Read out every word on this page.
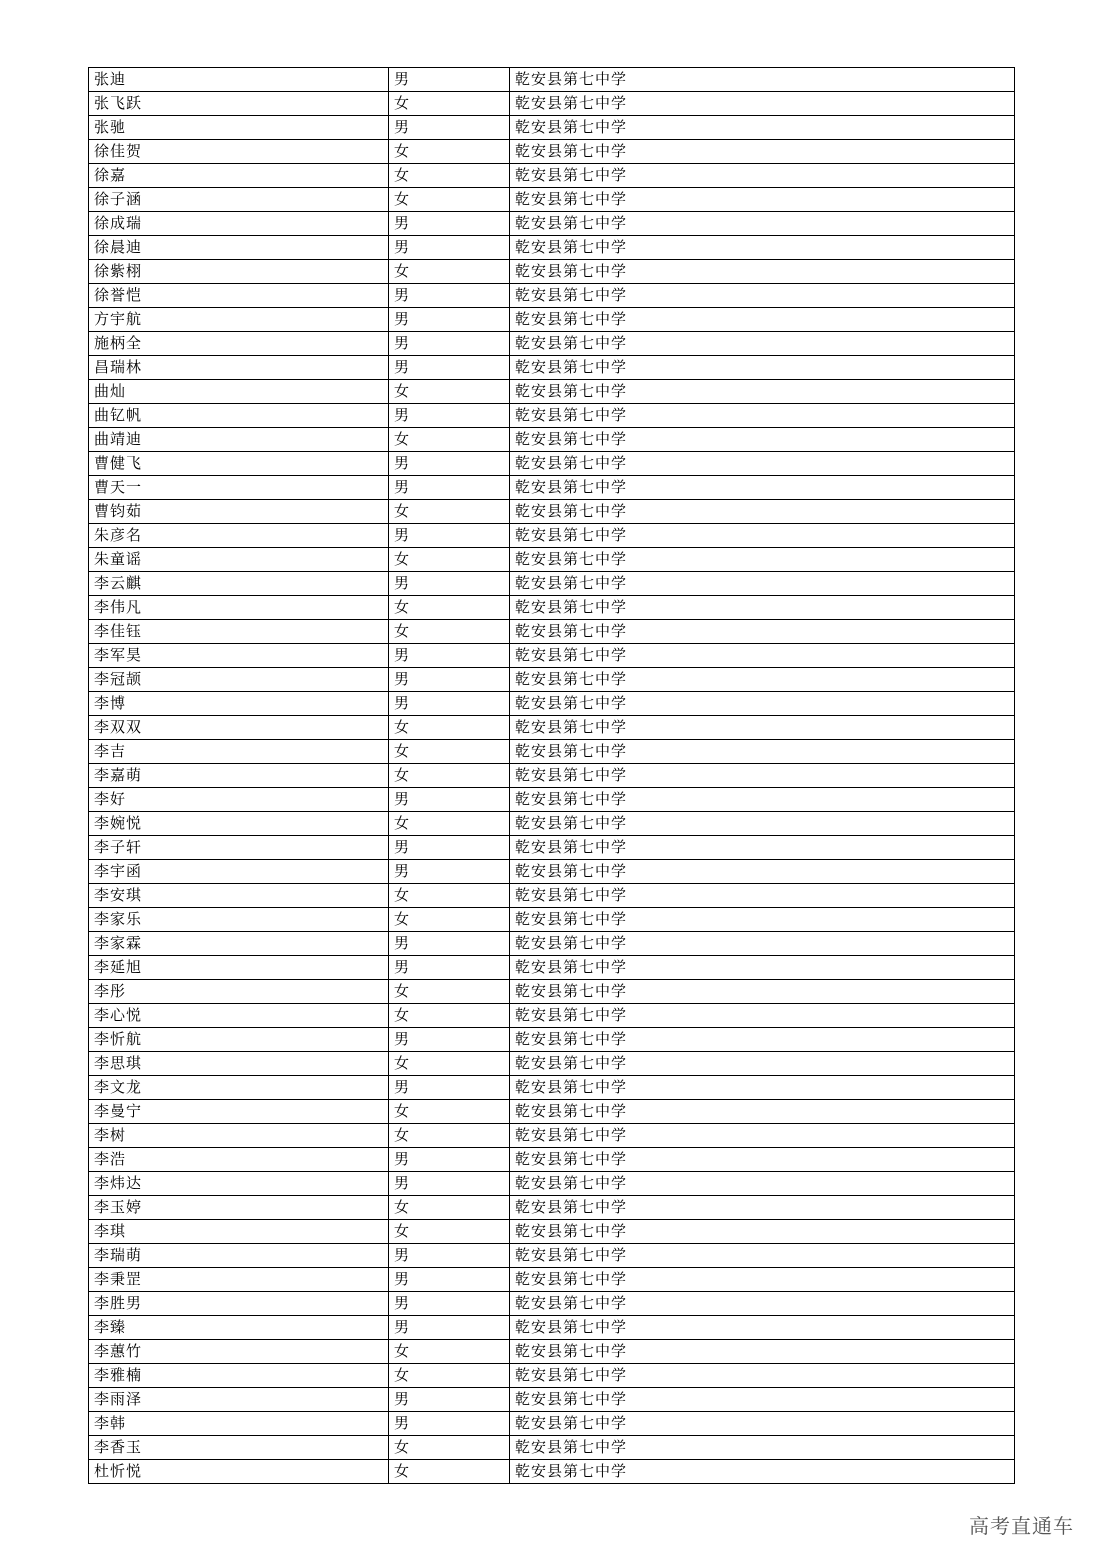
张迪	男	乾安县第七中学
张飞跃	女	乾安县第七中学
张驰	男	乾安县第七中学
徐佳贺	女	乾安县第七中学
徐嘉	女	乾安县第七中学
徐子涵	女	乾安县第七中学
徐成瑞	男	乾安县第七中学
徐晨迪	男	乾安县第七中学
徐紫栩	女	乾安县第七中学
徐誉恺	男	乾安县第七中学
方宇航	男	乾安县第七中学
施柄全	男	乾安县第七中学
昌瑞林	男	乾安县第七中学
曲灿	女	乾安县第七中学
曲钇帆	男	乾安县第七中学
曲靖迪	女	乾安县第七中学
曹健飞	男	乾安县第七中学
曹天一	男	乾安县第七中学
曹钧茹	女	乾安县第七中学
朱彦名	男	乾安县第七中学
朱童谣	女	乾安县第七中学
李云麒	男	乾安县第七中学
李伟凡	女	乾安县第七中学
李佳钰	女	乾安县第七中学
李军昊	男	乾安县第七中学
李冠颉	男	乾安县第七中学
李博	男	乾安县第七中学
李双双	女	乾安县第七中学
李吉	女	乾安县第七中学
李嘉萌	女	乾安县第七中学
李好	男	乾安县第七中学
李婉悦	女	乾安县第七中学
李子轩	男	乾安县第七中学
李宇函	男	乾安县第七中学
李安琪	女	乾安县第七中学
李家乐	女	乾安县第七中学
李家霖	男	乾安县第七中学
李延旭	男	乾安县第七中学
李彤	女	乾安县第七中学
李心悦	女	乾安县第七中学
李忻航	男	乾安县第七中学
李思琪	女	乾安县第七中学
李文龙	男	乾安县第七中学
李曼宁	女	乾安县第七中学
李树	女	乾安县第七中学
李浩	男	乾安县第七中学
李炜达	男	乾安县第七中学
李玉婷	女	乾安县第七中学
李琪	女	乾安县第七中学
李瑞萌	男	乾安县第七中学
李秉罡	男	乾安县第七中学
李胜男	男	乾安县第七中学
李臻	男	乾安县第七中学
李蕙竹	女	乾安县第七中学
李雅楠	女	乾安县第七中学
李雨泽	男	乾安县第七中学
李韩	男	乾安县第七中学
李香玉	女	乾安县第七中学
杜忻悦	女	乾安县第七中学
高考直通车
